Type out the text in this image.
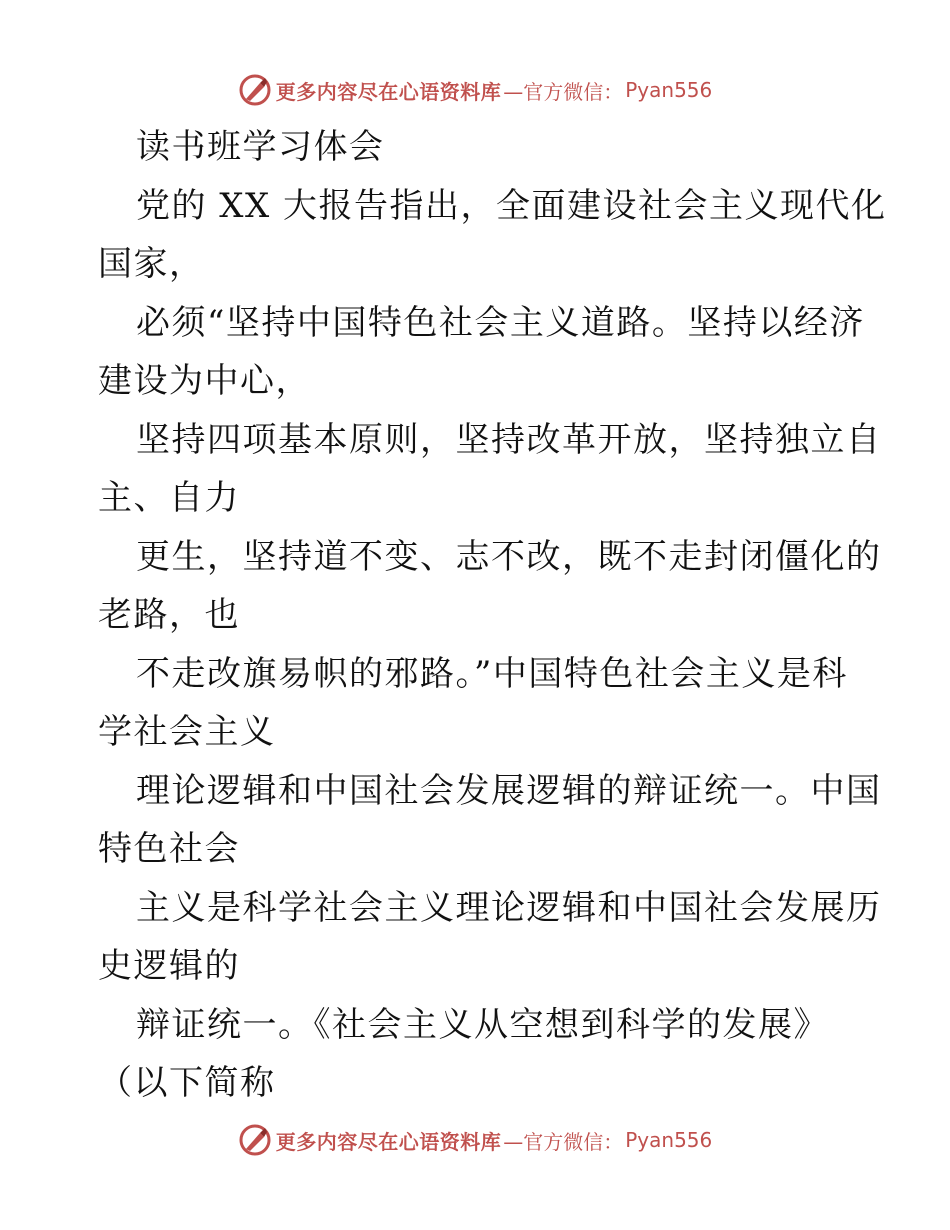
更多内容尽在心语资料库 —官方微信： Pyan556
读书班学习体会
党的 XX 大报告指出，全面建设社会主义现代化
国家，
必须“坚持中国特色社会主义道路。坚持以经济
建设为中心，
坚持四项基本原则，坚持改革开放，坚持独立自
主、自力
更生，坚持道不变、志不改，既不走封闭僵化的
老路，也
不走改旗易帜的邪路。”中国特色社会主义是科
学社会主义
理论逻辑和中国社会发展逻辑的辩证统一。中国
特色社会
主义是科学社会主义理论逻辑和中国社会发展历
史逻辑的
辩证统一。《社会主义从空想到科学的发展》
（以下简称
更多内容尽在心语资料库 —官方微信： Pyan556
